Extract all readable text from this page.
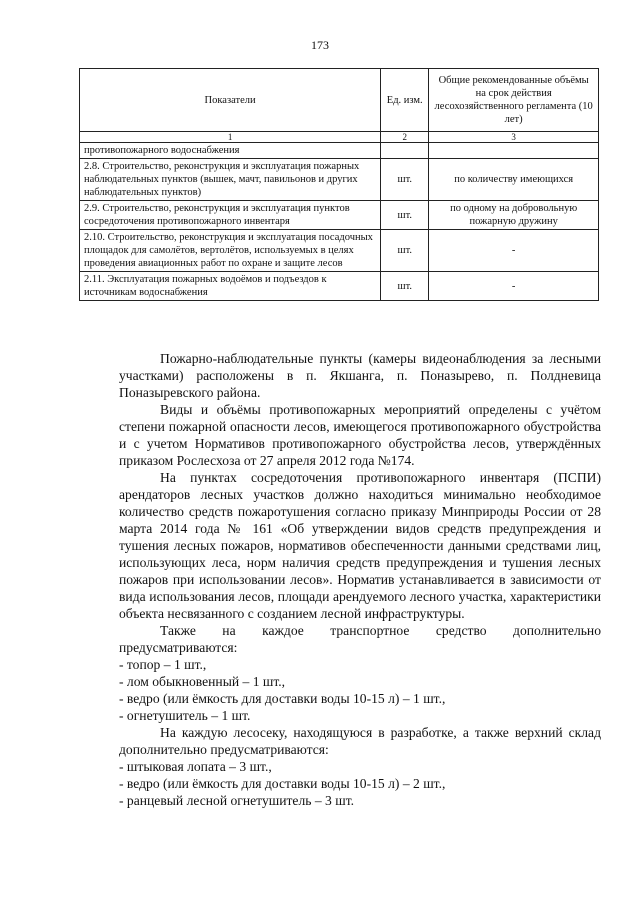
173
Показатели	Ед. изм.	Общие рекомендованные объёмы на срок действия лесохозяйственного регламента (10 лет)
1	2	3
противопожарного водоснабжения		
2.8. Строительство, реконструкция и эксплуатация пожарных наблюдательных пунктов (вышек, мачт, павильонов и других наблюдательных пунктов)	шт.	по количеству имеющихся
2.9. Строительство, реконструкция и эксплуатация пунктов сосредоточения противопожарного инвентаря	шт.	по одному на добровольную пожарную дружину
2.10. Строительство, реконструкция и эксплуатация посадочных площадок для самолётов, вертолётов, используемых в целях проведения авиационных работ по охране и защите лесов	шт.	-
2.11. Эксплуатация пожарных водоёмов и подъездов к источникам водоснабжения	шт.	-

Пожарно-наблюдательные пункты (камеры видеонаблюдения за лесными участками) расположены в п. Якшанга, п. Поназырево, п. Полдневица Поназыревского района.

Виды и объёмы противопожарных мероприятий определены с учётом степени пожарной опасности лесов, имеющегося противопожарного обустройства и с учетом Нормативов противопожарного обустройства лесов, утверждённых приказом Рослесхоза от 27 апреля 2012 года №174.

На пунктах сосредоточения противопожарного инвентаря (ПСПИ) арендаторов лесных участков должно находиться минимально необходимое количество средств пожаротушения согласно приказу Минприроды России от 28 марта 2014 года № 161 «Об утверждении видов средств предупреждения и тушения лесных пожаров, нормативов обеспеченности данными средствами лиц, использующих леса, норм наличия средств предупреждения и тушения лесных пожаров при использовании лесов». Норматив устанавливается в зависимости от вида использования лесов, площади арендуемого лесного участка, характеристики объекта несвязанного с созданием лесной инфраструктуры.

Также на каждое транспортное средство дополнительно предусматриваются:

- топор – 1 шт.,

- лом обыкновенный – 1 шт.,

- ведро (или ёмкость для доставки воды 10-15 л) – 1 шт.,

- огнетушитель – 1 шт.

На каждую лесосеку, находящуюся в разработке, а также верхний склад дополнительно предусматриваются:

- штыковая лопата – 3 шт.,

- ведро (или ёмкость для доставки воды 10-15 л) – 2 шт.,

- ранцевый лесной огнетушитель – 3 шт.
